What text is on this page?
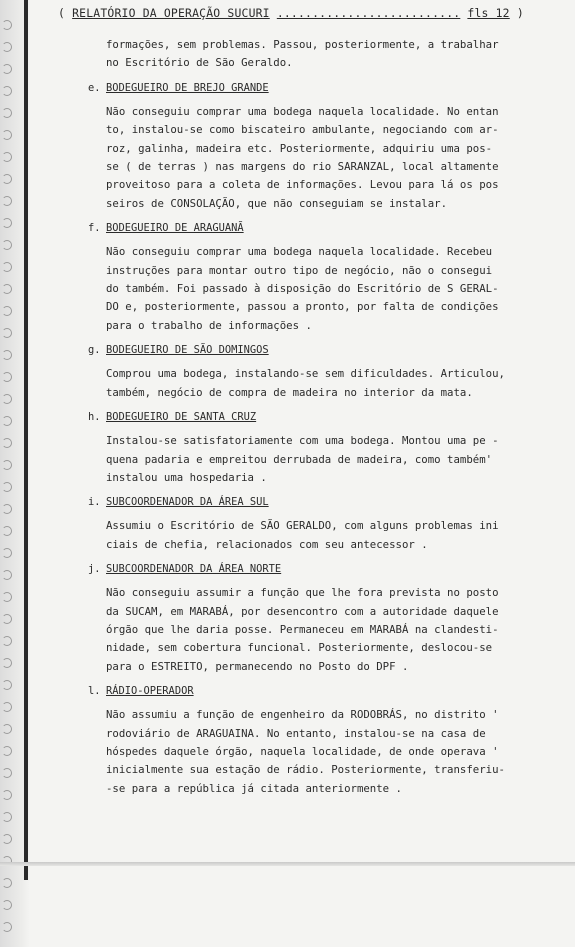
( RELATÓRIO DA OPERAÇÃO SUCURI .......................... fls 12 )

formações, sem problemas. Passou, posteriormente, a trabalhar

no Escritório de São Geraldo.

e. BODEGUEIRO DE BREJO GRANDE

Não conseguiu comprar uma bodega naquela localidade. No entan

to, instalou-se como biscateiro ambulante, negociando com ar-

roz, galinha, madeira etc. Posteriormente, adquiriu uma pos-

se ( de terras ) nas margens do rio SARANZAL, local altamente

proveitoso para a coleta de informações. Levou para lá os pos

seiros de CONSOLAÇÃO, que não conseguiam se instalar.

f. BODEGUEIRO DE ARAGUANÃ

Não conseguiu comprar uma bodega naquela localidade. Recebeu

instruções para montar outro tipo de negócio, não o consegui

do também. Foi passado à disposição do Escritório de S GERAL-

DO e, posteriormente, passou a pronto, por falta de condições

para o trabalho de informações .

g. BODEGUEIRO DE SÃO DOMINGOS

Comprou uma bodega, instalando-se sem dificuldades. Articulou,

também, negócio de compra de madeira no interior da mata.

h. BODEGUEIRO DE SANTA CRUZ

Instalou-se satisfatoriamente com uma bodega. Montou uma pe -

quena padaria e empreitou derrubada de madeira, como também'

instalou uma hospedaria .

i. SUBCOORDENADOR DA ÁREA SUL

Assumiu o Escritório de SÃO GERALDO, com alguns problemas ini

ciais de chefia, relacionados com seu antecessor .

j. SUBCOORDENADOR DA ÁREA NORTE

Não conseguiu assumir a função que lhe fora prevista no posto

da SUCAM, em MARABÁ, por desencontro com a autoridade daquele

órgão que lhe daria posse. Permaneceu em MARABÁ na clandesti-

nidade, sem cobertura funcional. Posteriormente, deslocou-se

para o ESTREITO, permanecendo no Posto do DPF .

l. RÁDIO-OPERADOR

Não assumiu a função de engenheiro da RODOBRÁS, no distrito '

rodoviário de ARAGUAINA. No entanto, instalou-se na casa de

hóspedes daquele órgão, naquela localidade, de onde operava '

inicialmente sua estação de rádio. Posteriormente, transferiu-

-se para a república já citada anteriormente .
